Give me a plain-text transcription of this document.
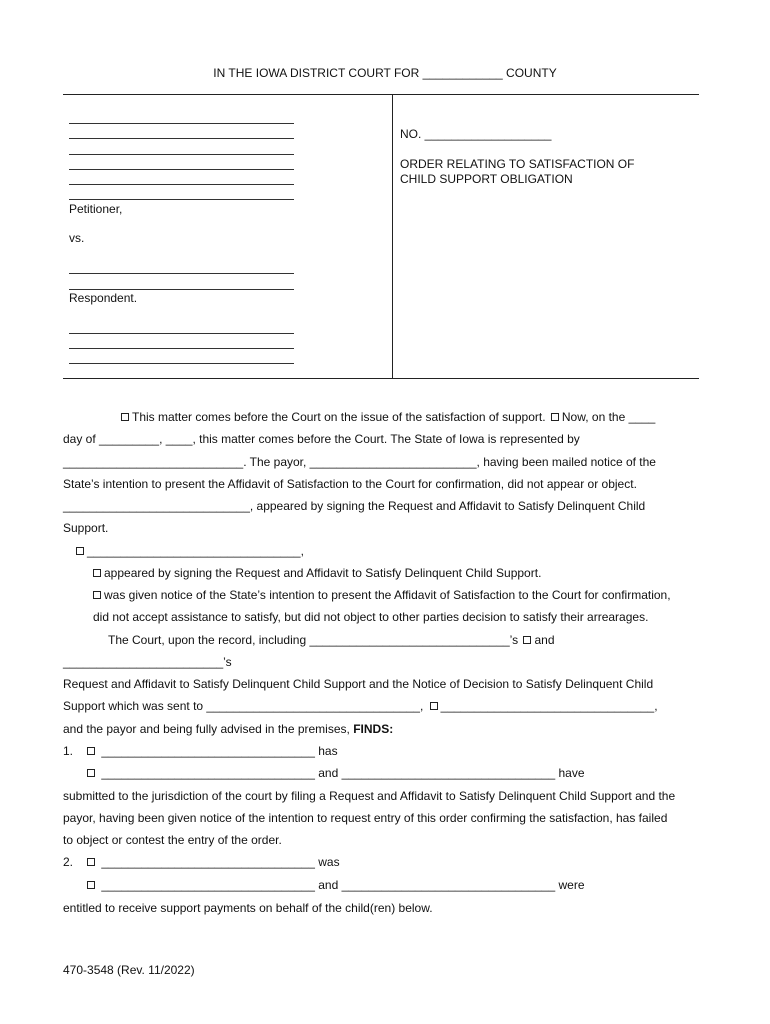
IN THE IOWA DISTRICT COURT FOR ____________ COUNTY
Petitioner,
vs.
Respondent.
NO. ___________________
ORDER RELATING TO SATISFACTION OF
CHILD SUPPORT OBLIGATION
This matter comes before the Court on the issue of the satisfaction of support. Now, on the ____
day of _________, ____, this matter comes before the Court. The State of Iowa is represented by
___________________________. The payor, _________________________, having been mailed notice of the
State’s intention to present the Affidavit of Satisfaction to the Court for confirmation, did not appear or object.
____________________________, appeared by signing the Request and Affidavit to Satisfy Delinquent Child
Support.
________________________________,
appeared by signing the Request and Affidavit to Satisfy Delinquent Child Support.
was given notice of the State’s intention to present the Affidavit of Satisfaction to the Court for confirmation,
did not accept assistance to satisfy, but did not object to other parties decision to satisfy their arrearages.
The Court, upon the record, including ______________________________’s and
________________________’s
Request and Affidavit to Satisfy Delinquent Child Support and the Notice of Decision to Satisfy Delinquent Child
Support which was sent to ________________________________, ________________________________,
and the payor and being fully advised in the premises, FINDS:
1.	________________________________ has
________________________________ and ________________________________ have
submitted to the jurisdiction of the court by filing a Request and Affidavit to Satisfy Delinquent Child Support and the
payor, having been given notice of the intention to request entry of this order confirming the satisfaction, has failed
to object or contest the entry of the order.
2.	________________________________ was
________________________________ and ________________________________ were
entitled to receive support payments on behalf of the child(ren) below.
470-3548 (Rev. 11/2022)
